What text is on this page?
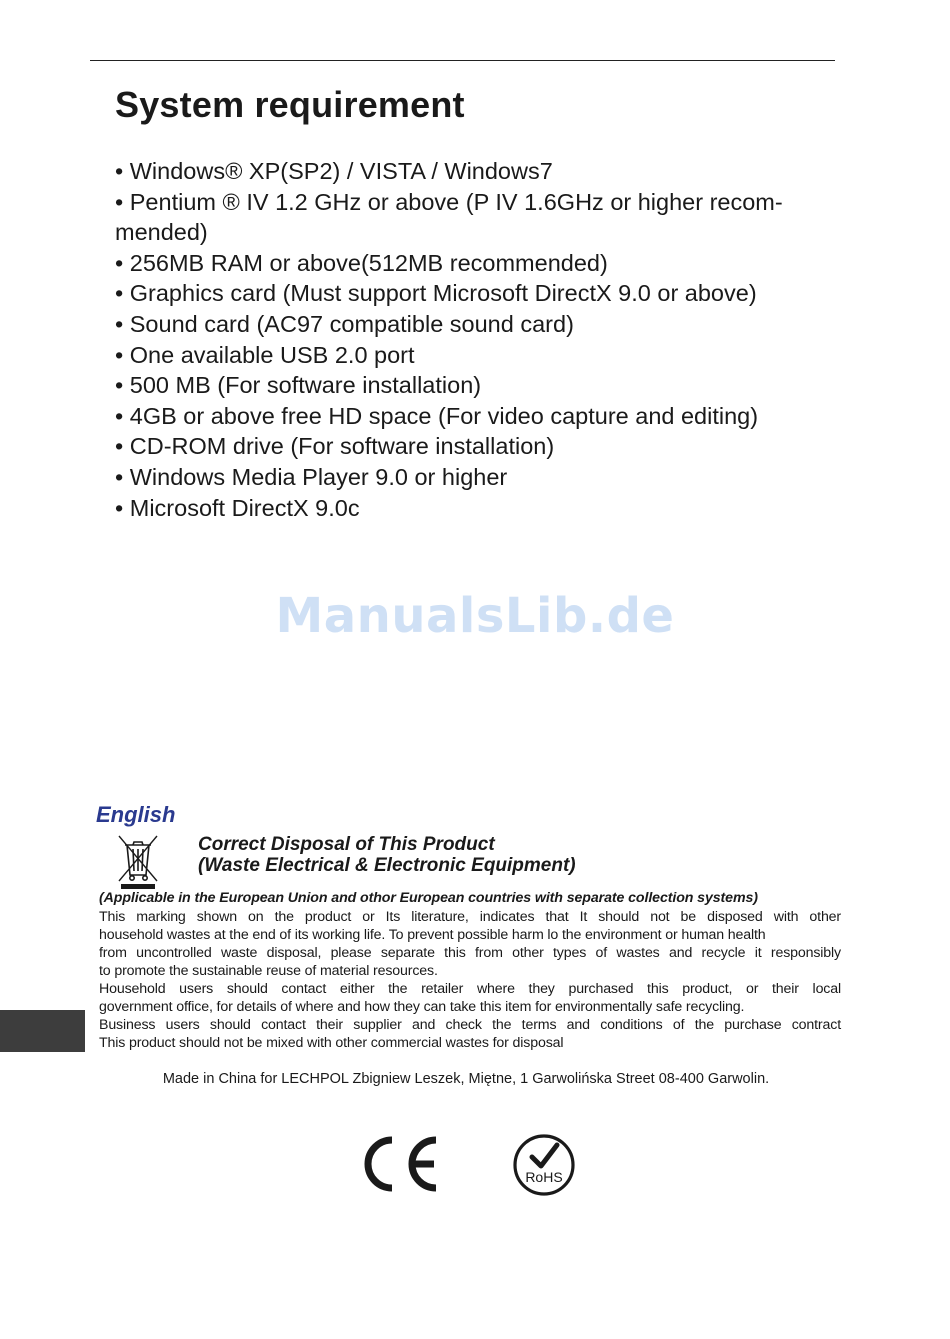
System requirement
• Windows® XP(SP2) / VISTA / Windows7
• Pentium ® IV 1.2 GHz or above (P IV 1.6GHz or higher recom-
mended)
• 256MB RAM or above(512MB recommended)
• Graphics card (Must support Microsoft DirectX 9.0 or above)
• Sound card (AC97 compatible sound card)
• One available USB 2.0 port
• 500 MB (For software installation)
• 4GB or above free HD space (For video capture and editing)
• CD-ROM drive (For software installation)
• Windows Media Player 9.0 or higher
• Microsoft DirectX 9.0c
ManualsLib.de
English
Correct Disposal of This Product
(Waste Electrical & Electronic Equipment)
(Applicable in the European Union and othor European countries with separate collection systems)
This marking shown on the product or Its literature, indicates that It should not be disposed with other
household wastes at the end of its working life. To prevent possible harm lo the environment or human health
from uncontrolled waste disposal, please separate this from other types of wastes and recycle it responsibly
to promote the sustainable reuse of material resources.
Household users should contact either the retailer where they purchased this product, or their local
government office, for details of where and how they can take this item for environmentally safe recycling.
Business users should contact their supplier and check the terms and conditions of the purchase contract
This product should not be mixed with other commercial wastes for disposal
Made in China for LECHPOL Zbigniew Leszek, Miętne, 1 Garwolińska Street 08-400 Garwolin.
RoHS
